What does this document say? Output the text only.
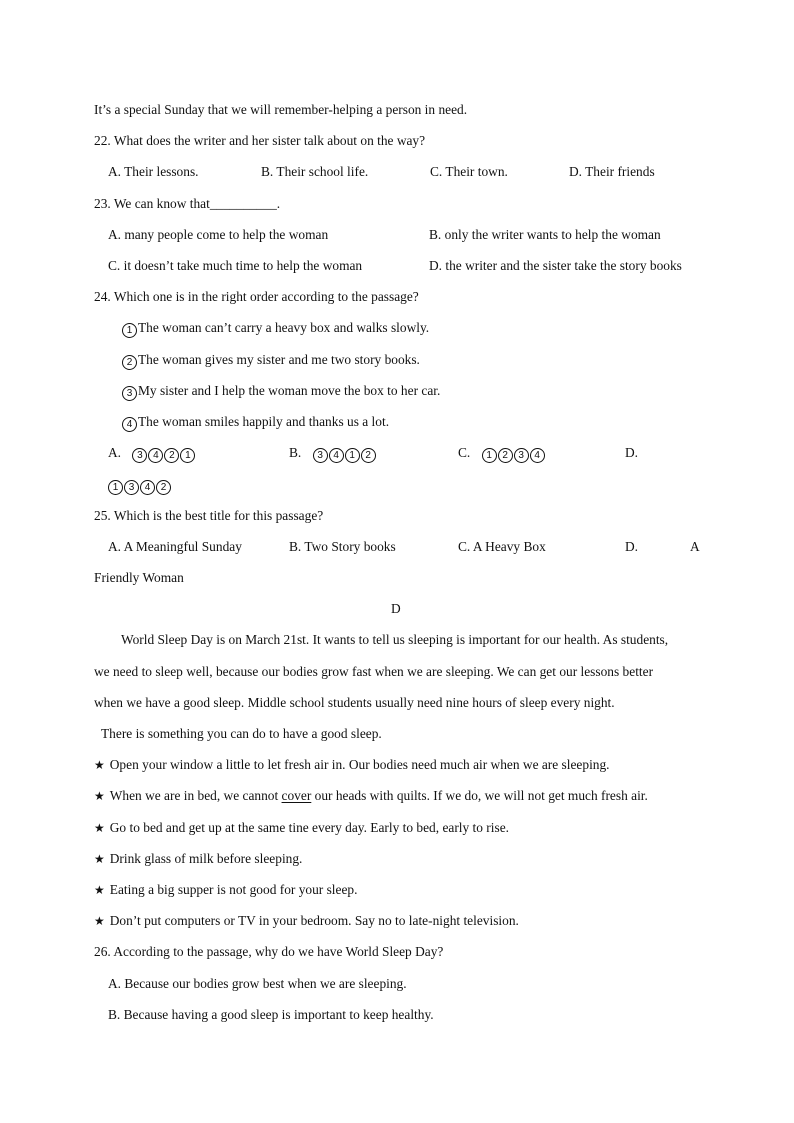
It’s a special Sunday that we will remember-helping a person in need.
22. What does the writer and her sister talk about on the way?
A. Their lessons.	B. Their school life.	C. Their town.	D. Their friends
23. We can know that__________.
A. many people come to help the woman	B. only the writer wants to help the woman
C. it doesn’t take much time to help the woman	D. the writer and the sister take the story books
24. Which one is in the right order according to the passage?
1 The woman can’t carry a heavy box and walks slowly.
2 The woman gives my sister and me two story books.
3 My sister and I help the woman move the box to her car.
4 The woman smiles happily and thanks us a lot.
A. 3 4 2 1	B. 3 4 1 2	C. 1 2 3 4	D.
1 3 4 2
25. Which is the best title for this passage?
A. A Meaningful Sunday	B. Two Story books	C. A Heavy Box	D.	A
Friendly Woman
D
World Sleep Day is on March 21st. It wants to tell us sleeping is important for our health. As students,
we need to sleep well, because our bodies grow fast when we are sleeping. We can get our lessons better
when we have a good sleep. Middle school students usually need nine hours of sleep every night.
There is something you can do to have a good sleep.
★ Open your window a little to let fresh air in. Our bodies need much air when we are sleeping.
★ When we are in bed, we cannot cover our heads with quilts. If we do, we will not get much fresh air.
★ Go to bed and get up at the same tine every day. Early to bed, early to rise.
★ Drink glass of milk before sleeping.
★ Eating a big supper is not good for your sleep.
★ Don’t put computers or TV in your bedroom. Say no to late-night television.
26. According to the passage, why do we have World Sleep Day?
A. Because our bodies grow best when we are sleeping.
B. Because having a good sleep is important to keep healthy.
